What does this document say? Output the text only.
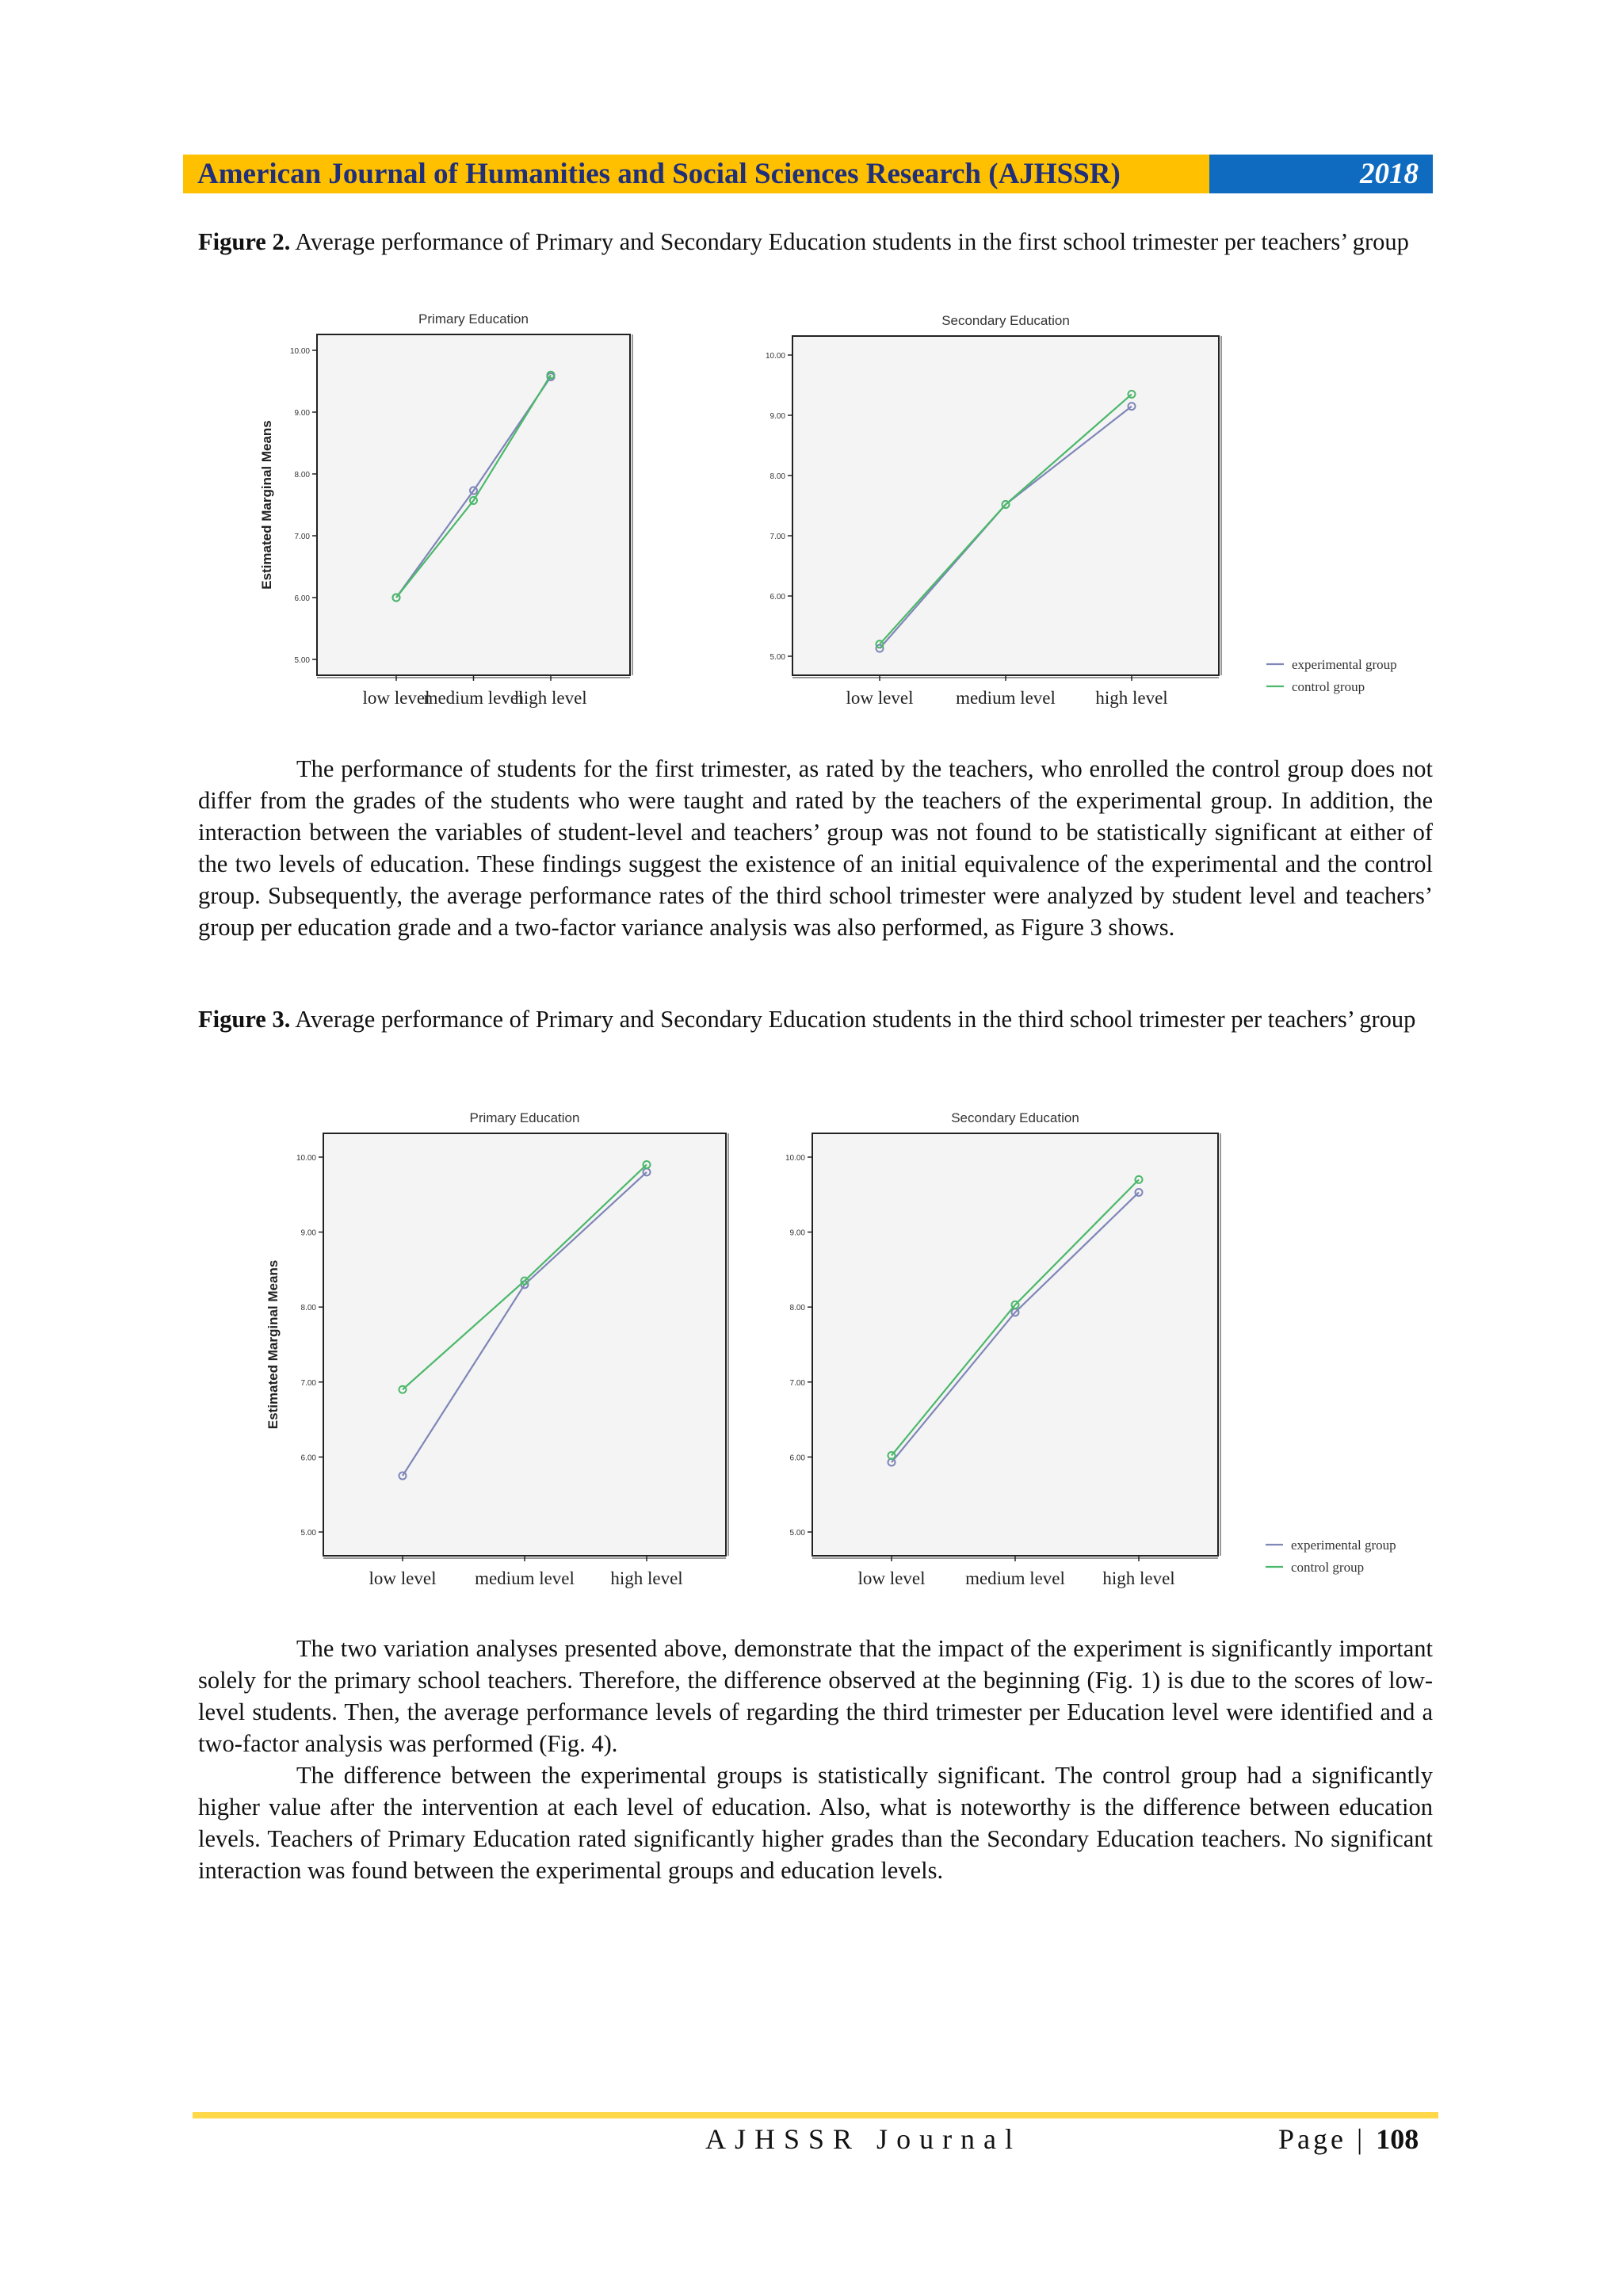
American Journal of Humanities and Social Sciences Research (AJHSSR)	2018
Figure 2. Average performance of Primary and Secondary Education students in the first school trimester per teachers’ group
Primary Education
5.00
6.00
7.00
8.00
9.00
10.00
low level
medium level
high level
Estimated Marginal Means
Secondary Education
5.00
6.00
7.00
8.00
9.00
10.00
low level medium level high level
experimental group
control group

The performance of students for the first trimester, as rated by the teachers, who enrolled the control group does not differ from the grades of the students who were taught and rated by the teachers of the experimental group. In addition, the interaction between the variables of student-level and teachers’ group was not found to be statistically significant at either of the two levels of education. These findings suggest the existence of an initial equivalence of the experimental and the control group. Subsequently, the average performance rates of the third school trimester were analyzed by student level and teachers’ group per education grade and a two-factor variance analysis was also performed, as Figure 3 shows.

Figure 3. Average performance of Primary and Secondary Education students in the third school trimester per teachers’ group
Primary Education
5.00
6.00
7.00
8.00
9.00
10.00
low level medium level high level
Estimated Marginal Means
Secondary Education
5.00
6.00
7.00
8.00
9.00
10.00
low level medium level high level
experimental group
control group

The two variation analyses presented above, demonstrate that the impact of the experiment is significantly important solely for the primary school teachers. Therefore, the difference observed at the beginning (Fig. 1) is due to the scores of low-level students. Then, the average performance levels of regarding the third trimester per Education level were identified and a two-factor analysis was performed (Fig. 4).

The difference between the experimental groups is statistically significant. The control group had a significantly higher value after the intervention at each level of education. Also, what is noteworthy is the difference between education levels. Teachers of Primary Education rated significantly higher grades than the Secondary Education teachers. No significant interaction was found between the experimental groups and education levels.

AJHSSR Journal	Page | 108
